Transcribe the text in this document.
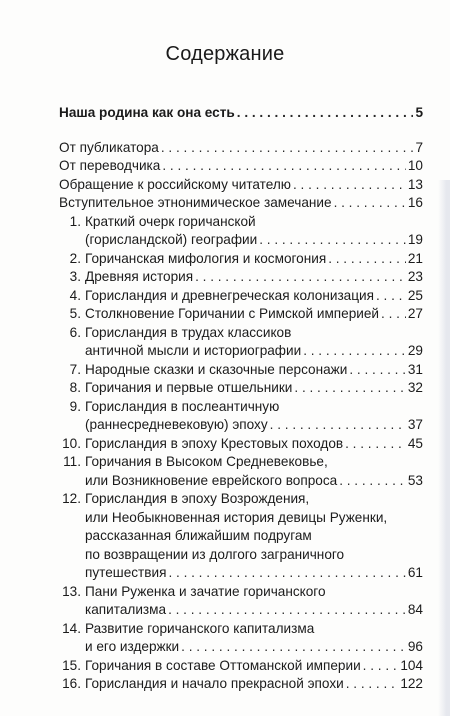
Содержание
Наша родина как она есть . . .	5
От публикатора . . .	7
От переводчика . . .	10
Обращение к российскому читателю . . .	13
Вступительное этнонимическое замечание . . .	16
1. Краткий очерк горичанской
(горисландской) географии . . .	19
2. Горичанская мифология и космогония . . .	21
3. Древняя история . . .	23
4. Горисландия и древнегреческая колонизация . . . 25
5. Столкновение Горичании с Римской империей . . . 27
6. Горисландия в трудах классиков
античной мысли и историографии . . .	29
7. Народные сказки и сказочные персонажи . . .	31
8. Горичания и первые отшельники . . .	32
9. Горисландия в послеантичную
(раннесредневековую) эпоху . . .	37
10. Горисландия в эпоху Крестовых походов . . .	45
11. Горичания в Высоком Средневековье,
или Возникновение еврейского вопроса . . .	53
12. Горисландия в эпоху Возрождения,
или Необыкновенная история девицы Руженки,
рассказанная ближайшим подругам
по возвращении из долгого заграничного
путешествия . . .	61
13. Пани Руженка и зачатие горичанского
капитализма . . .	84
14. Развитие горичанского капитализма
и его издержки . . .	96
15. Горичания в составе Оттоманской империи . . .	104
16. Горисландия и начало прекрасной эпохи . . .	122
